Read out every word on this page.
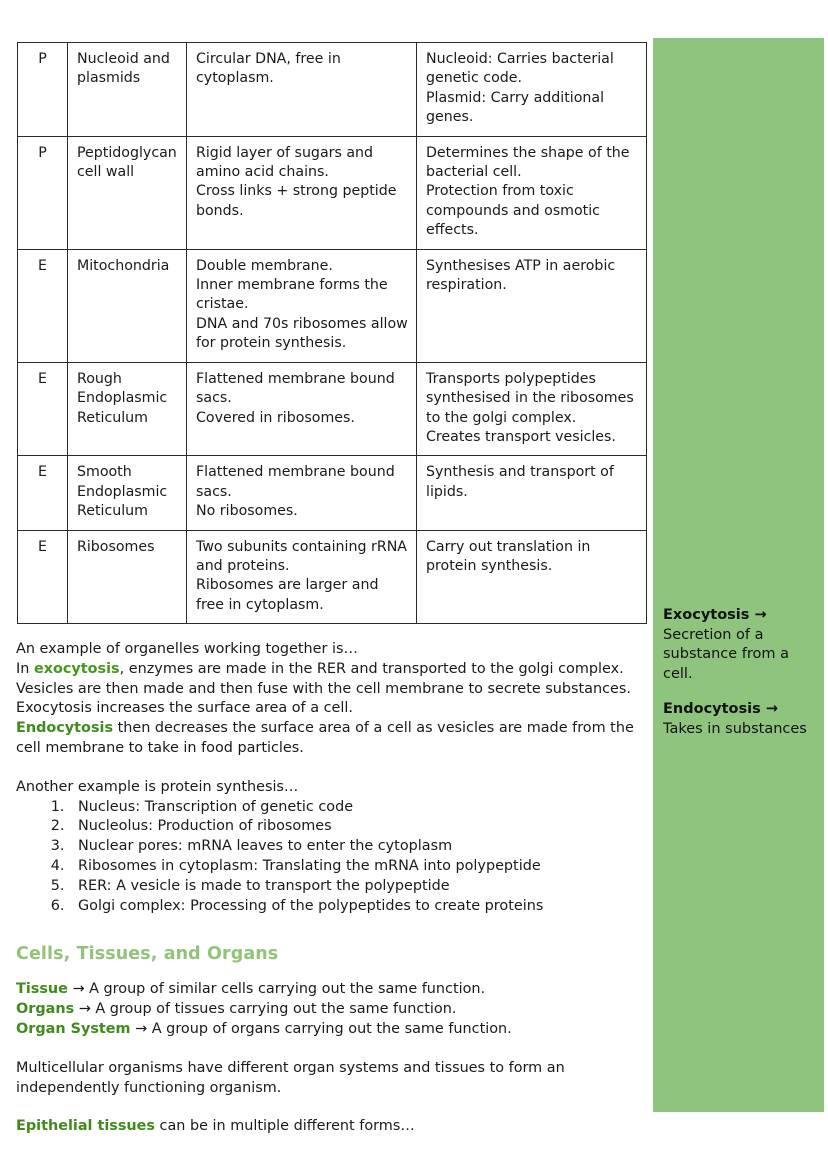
Exocytosis →
Secretion of a substance from a cell.
Endocytosis →
Takes in substances
P	Nucleoid and plasmids	Circular DNA, free in cytoplasm.	Nucleoid: Carries bacterial genetic code.
Plasmid: Carry additional genes.
P	Peptidoglycan cell wall	Rigid layer of sugars and amino acid chains.
Cross links + strong peptide bonds.	Determines the shape of the bacterial cell.
Protection from toxic compounds and osmotic effects.
E	Mitochondria	Double membrane.
Inner membrane forms the cristae.
DNA and 70s ribosomes allow for protein synthesis.	Synthesises ATP in aerobic respiration.
E	Rough Endoplasmic Reticulum	Flattened membrane bound sacs.
Covered in ribosomes.	Transports polypeptides synthesised in the ribosomes to the golgi complex.
Creates transport vesicles.
E	Smooth Endoplasmic Reticulum	Flattened membrane bound sacs.
No ribosomes.	Synthesis and transport of lipids.
E	Ribosomes	Two subunits containing rRNA and proteins.
Ribosomes are larger and free in cytoplasm.	Carry out translation in protein synthesis.

An example of organelles working together is…

In exocytosis, enzymes are made in the RER and transported to the golgi complex. Vesicles are then made and then fuse with the cell membrane to secrete substances. Exocytosis increases the surface area of a cell.

Endocytosis then decreases the surface area of a cell as vesicles are made from the cell membrane to take in food particles.

Another example is protein synthesis…

1. Nucleus: Transcription of genetic code
2. Nucleolus: Production of ribosomes
3. Nuclear pores: mRNA leaves to enter the cytoplasm
4. Ribosomes in cytoplasm: Translating the mRNA into polypeptide
5. RER: A vesicle is made to transport the polypeptide
6. Golgi complex: Processing of the polypeptides to create proteins
Cells, Tissues, and Organs

Tissue → A group of similar cells carrying out the same function.

Organs → A group of tissues carrying out the same function.

Organ System → A group of organs carrying out the same function.

Multicellular organisms have different organ systems and tissues to form an independently functioning organism.

Epithelial tissues can be in multiple different forms…
